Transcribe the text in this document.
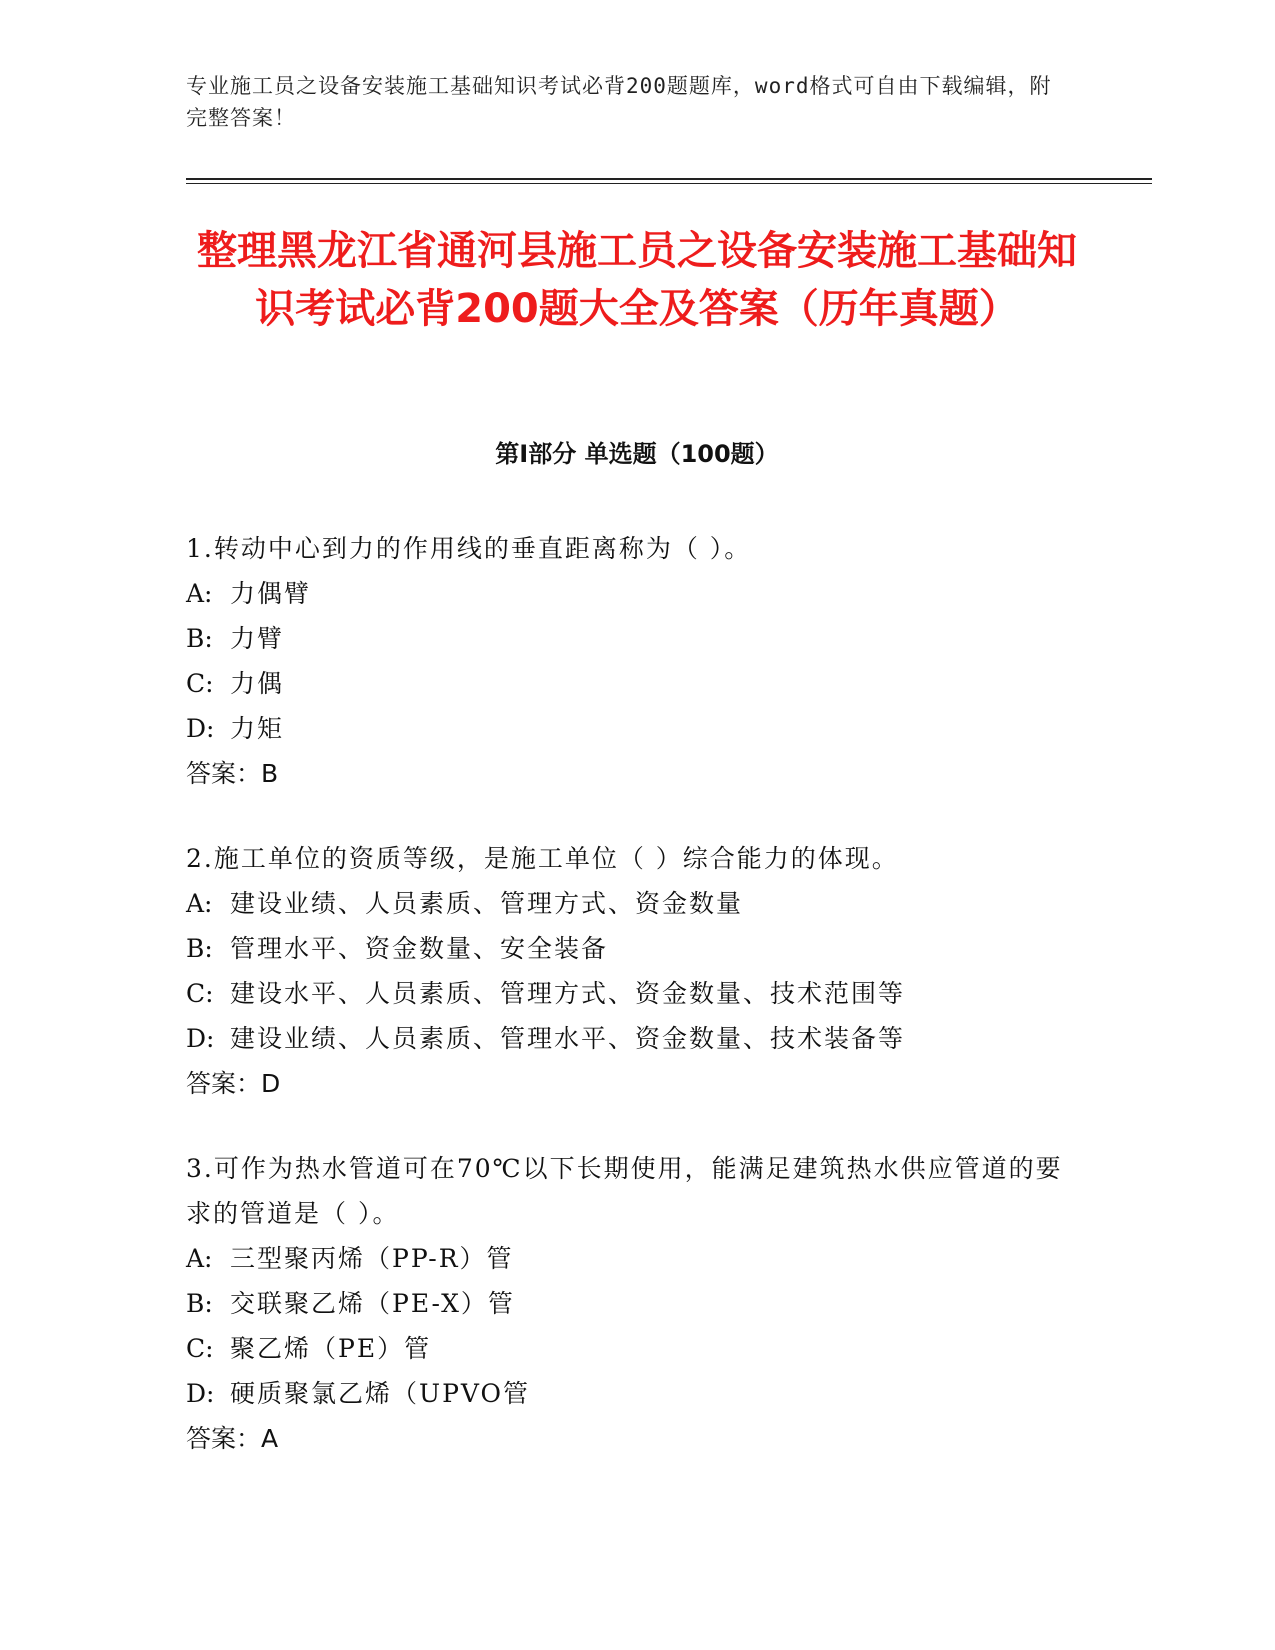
专业施工员之设备安装施工基础知识考试必背200题题库，word格式可自由下载编辑，附完整答案！
整理黑龙江省通河县施工员之设备安装施工基础知识考试必背200题大全及答案（历年真题）
第I部分 单选题（100题）
1.转动中心到力的作用线的垂直距离称为（ ）。
A: 力偶臂
B: 力臂
C: 力偶
D: 力矩
答案：B
2.施工单位的资质等级，是施工单位（ ）综合能力的体现。
A: 建设业绩、人员素质、管理方式、资金数量
B: 管理水平、资金数量、安全装备
C: 建设水平、人员素质、管理方式、资金数量、技术范围等
D: 建设业绩、人员素质、管理水平、资金数量、技术装备等
答案：D
3.可作为热水管道可在70℃以下长期使用，能满足建筑热水供应管道的要求的管道是（ ）。
A: 三型聚丙烯（PP-R）管
B: 交联聚乙烯（PE-X）管
C: 聚乙烯（PE）管
D: 硬质聚氯乙烯（UPVO管
答案：A
